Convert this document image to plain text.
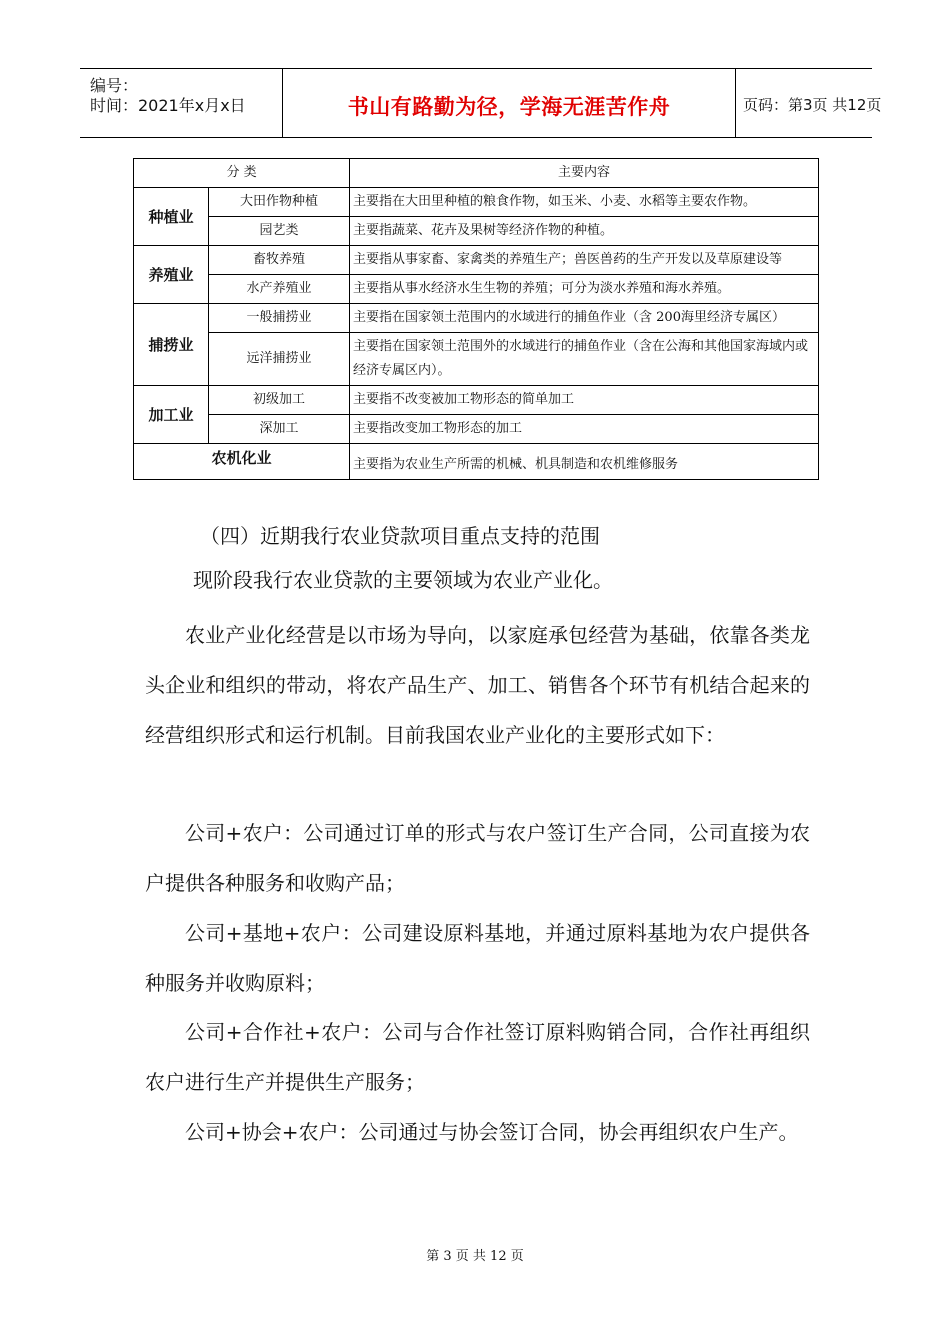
编号：
时间：2021年x月x日	书山有路勤为径，学海无涯苦作舟	页码：第3页 共12页
分 类		主要内容
种植业	大田作物种植	主要指在大田里种植的粮食作物，如玉米、小麦、水稻等主要农作物。
	园艺类	主要指蔬菜、花卉及果树等经济作物的种植。
养殖业	畜牧养殖	主要指从事家畜、家禽类的养殖生产；兽医兽药的生产开发以及草原建设等
	水产养殖业	主要指从事水经济水生生物的养殖；可分为淡水养殖和海水养殖。
捕捞业	一般捕捞业	主要指在国家领土范围内的水域进行的捕鱼作业（含 200海里经济专属区）
	远洋捕捞业	主要指在国家领土范围外的水域进行的捕鱼作业（含在公海和其他国家海域内或经济专属区内）。
加工业	初级加工	主要指不改变被加工物形态的简单加工
	深加工	主要指改变加工物形态的加工
农机化业		主要指为农业生产所需的机械、机具制造和农机维修服务
（四）近期我行农业贷款项目重点支持的范围
现阶段我行农业贷款的主要领域为农业产业化。
农业产业化经营是以市场为导向，以家庭承包经营为基础，依靠各类龙头企业和组织的带动，将农产品生产、加工、销售各个环节有机结合起来的经营组织形式和运行机制。目前我国农业产业化的主要形式如下：
公司+农户：公司通过订单的形式与农户签订生产合同，公司直接为农户提供各种服务和收购产品；
公司+基地+农户：公司建设原料基地，并通过原料基地为农户提供各种服务并收购原料；
公司+合作社+农户：公司与合作社签订原料购销合同，合作社再组织农户进行生产并提供生产服务；
公司+协会+农户：公司通过与协会签订合同，协会再组织农户生产。
第 3 页 共 12 页
